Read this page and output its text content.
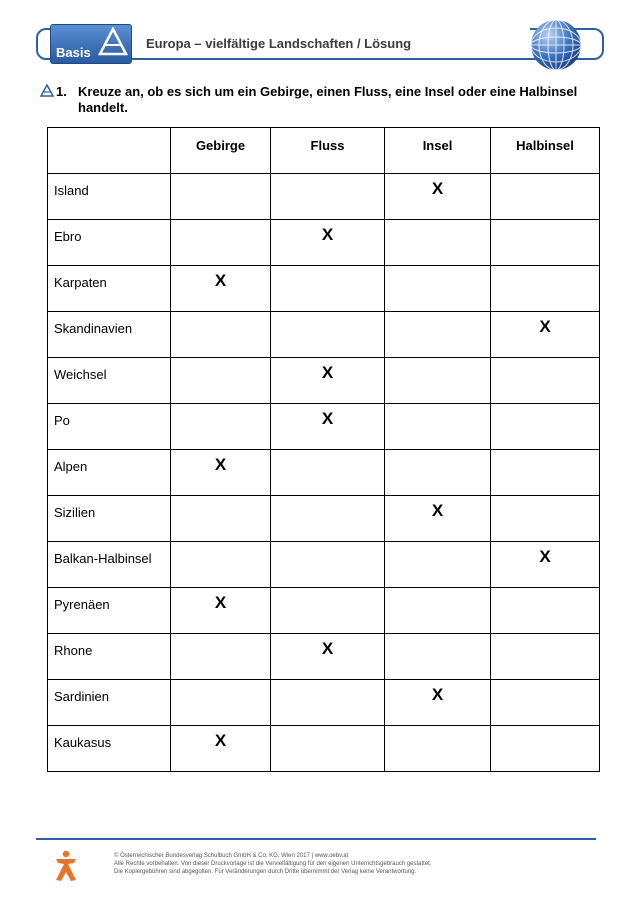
Basis
Europa – vielfältige Landschaften / Lösung
1. Kreuze an, ob es sich um ein Gebirge, einen Fluss, eine Insel oder eine Halbinsel handelt.
	Gebirge	Fluss	Insel	Halbinsel
Island			X	
Ebro		X		
Karpaten	X			
Skandinavien				X
Weichsel		X		
Po		X		
Alpen	X			
Sizilien			X	
Balkan-Halbinsel				X
Pyrenäen	X			
Rhone		X		
Sardinien			X	
Kaukasus	X			
© Österreichischer Bundesverlag Schulbuch GmbH & Co. KG, Wien 2017 | www.oebv.at
Alle Rechte vorbehalten. Von dieser Druckvorlage ist die Vervielfältigung für den eigenen Unterrichtsgebrauch gestattet.
Die Kopiergebühren sind abgegolten. Für Veränderungen durch Dritte übernimmt der Verlag keine Verantwortung.
